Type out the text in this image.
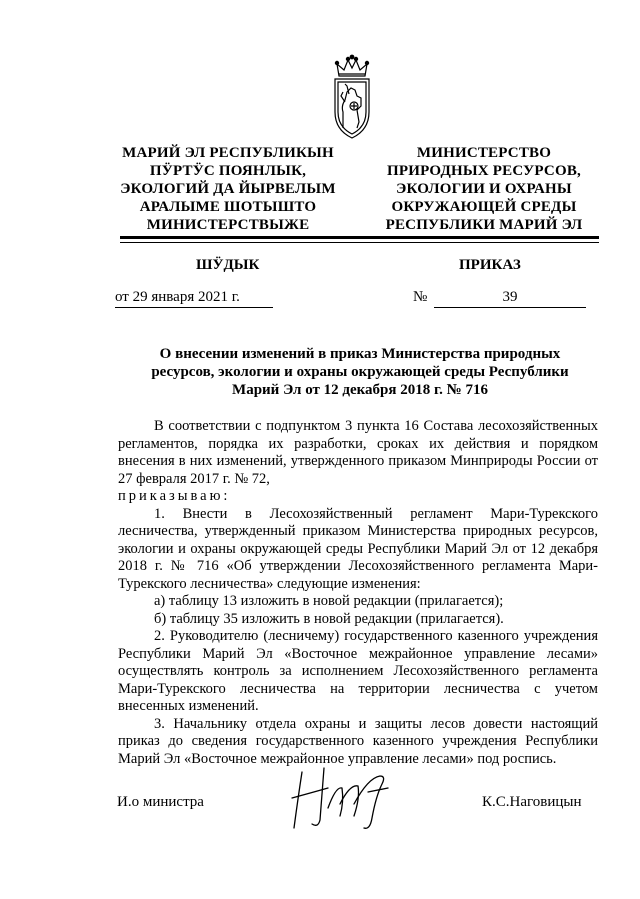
МАРИЙ ЭЛ РЕСПУБЛИКЫН
ПӰРТӰС ПОЯНЛЫК,
ЭКОЛОГИЙ ДА ЙЫРВЕЛЫМ
АРАЛЫМЕ ШОТЫШТО
МИНИСТЕРСТВЫЖЕ
МИНИСТЕРСТВО
ПРИРОДНЫХ РЕСУРСОВ,
ЭКОЛОГИИ И ОХРАНЫ
ОКРУЖАЮЩЕЙ СРЕДЫ
РЕСПУБЛИКИ МАРИЙ ЭЛ
ШӰДЫК	ПРИКАЗ
от 29 января 2021 г.	№	39
О внесении изменений в приказ Министерства природных
ресурсов, экологии и охраны окружающей среды Республики
Марий Эл от 12 декабря 2018 г. № 716

В соответствии с подпунктом 3 пункта 16 Состава лесохозяйственных регламентов, порядка их разработки, сроках их действия и порядком внесения в них изменений, утвержденного приказом Минприроды России от 27 февраля 2017 г. № 72,

приказываю:

1. Внести в Лесохозяйственный регламент Мари-Турекского лесничества, утвержденный приказом Министерства природных ресурсов, экологии и охраны окружающей среды Республики Марий Эл от 12 декабря 2018 г. № 716 «Об утверждении Лесохозяйственного регламента Мари-Турекского лесничества» следующие изменения:

а) таблицу 13 изложить в новой редакции (прилагается);

б) таблицу 35 изложить в новой редакции (прилагается).

2. Руководителю (лесничему) государственного казенного учреждения Республики Марий Эл «Восточное межрайонное управление лесами» осуществлять контроль за исполнением Лесохозяйственного регламента Мари-Турекского лесничества на территории лесничества с учетом внесенных изменений.

3. Начальнику отдела охраны и защиты лесов довести настоящий приказ до сведения государственного казенного учреждения Республики Марий Эл «Восточное межрайонное управление лесами» под роспись.

И.о министра	К.С.Наговицын
